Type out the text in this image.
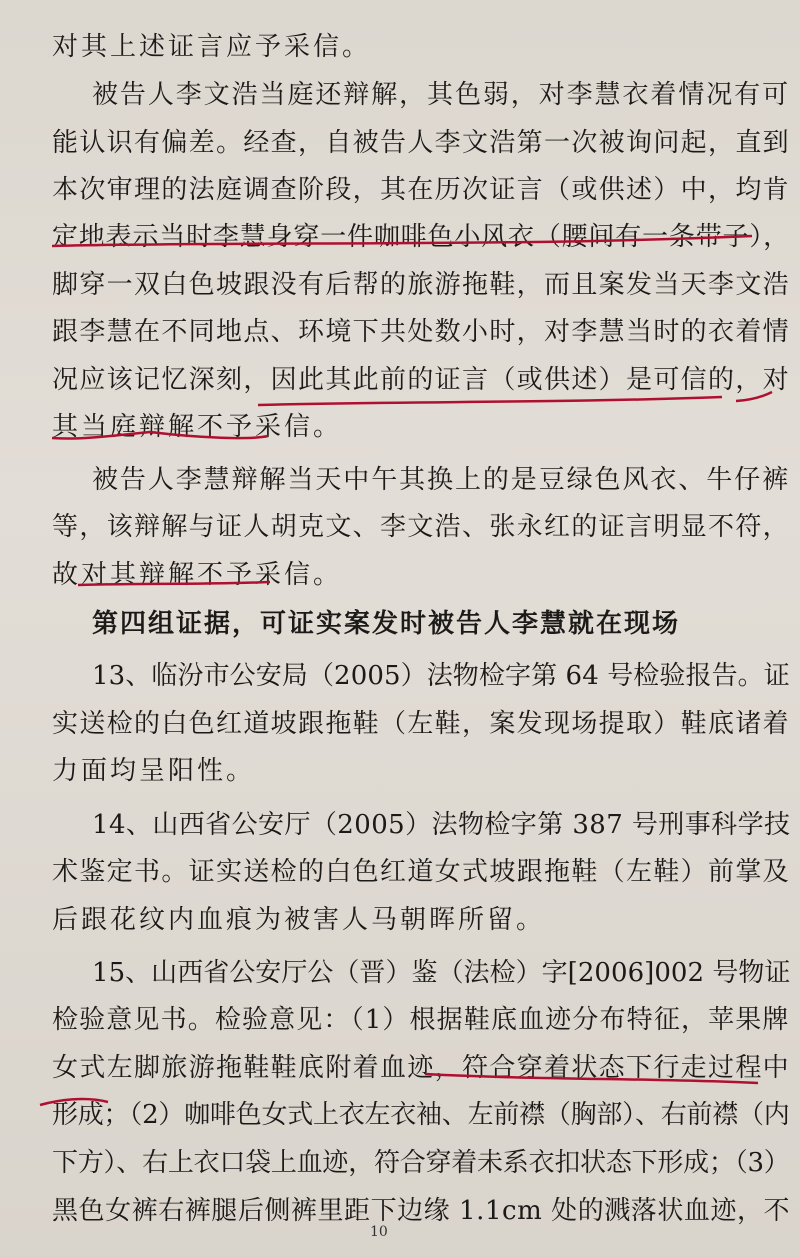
对其上述证言应予采信。
被告人李文浩当庭还辩解，其色弱，对李慧衣着情况有可
能认识有偏差。经查，自被告人李文浩第一次被询问起，直到
本次审理的法庭调查阶段，其在历次证言（或供述）中，均肯
定地表示当时李慧身穿一件咖啡色小风衣（腰间有一条带子），
脚穿一双白色坡跟没有后帮的旅游拖鞋，而且案发当天李文浩
跟李慧在不同地点、环境下共处数小时，对李慧当时的衣着情
况应该记忆深刻，因此其此前的证言（或供述）是可信的，对
其当庭辩解不予采信。
被告人李慧辩解当天中午其换上的是豆绿色风衣、牛仔裤
等，该辩解与证人胡克文、李文浩、张永红的证言明显不符，
故对其辩解不予采信。
第四组证据，可证实案发时被告人李慧就在现场
13、临汾市公安局（2005）法物检字第 64 号检验报告。证
实送检的白色红道坡跟拖鞋（左鞋，案发现场提取）鞋底诸着
力面均呈阳性。
14、山西省公安厅（2005）法物检字第 387 号刑事科学技
术鉴定书。证实送检的白色红道女式坡跟拖鞋（左鞋）前掌及
后跟花纹内血痕为被害人马朝晖所留。
15、山西省公安厅公（晋）鉴（法检）字[2006]002 号物证
检验意见书。检验意见：（1）根据鞋底血迹分布特征，苹果牌
女式左脚旅游拖鞋鞋底附着血迹，符合穿着状态下行走过程中
形成；（2）咖啡色女式上衣左衣袖、左前襟（胸部）、右前襟（内
下方）、右上衣口袋上血迹，符合穿着未系衣扣状态下形成；（3）
黑色女裤右裤腿后侧裤里距下边缘 1.1cm 处的溅落状血迹，不
10
